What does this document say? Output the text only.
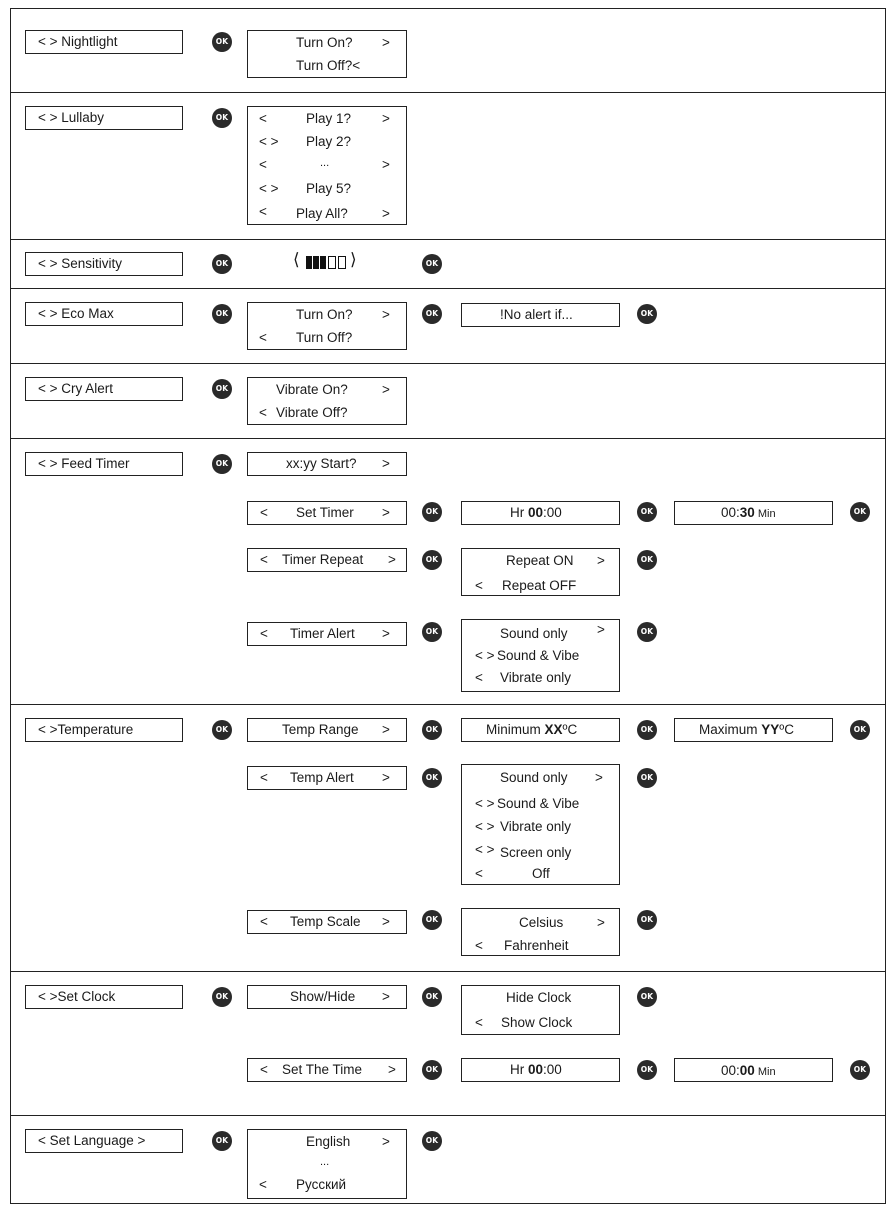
< > Nightlight	OK	Turn On? >
Turn Off?<
< > Lullaby	OK <	Play 1? >
< > Play 2?
<	...	>
< > Play 5?
< Play All?	>
< > Sensitivity	OK	⟨	⟩	OK
< > Eco Max	OK	Turn On? >
< Turn Off?
OK	!No alert if...	OK
< > Cry Alert	OK	Vibrate On?	>
< Vibrate Off?
< > Feed Timer	OK	xx:yy Start? >
< Set Timer >	OK	Hr 00:00	OK	00:30 Min	OK
< Timer Repeat >	OK	Repeat ON >
< Repeat OFF
OK
< Timer Alert >	OK	Sound only >
< > Sound & Vibe
< Vibrate only
OK
< >Temperature	OK	Temp Range >	OK	Minimum XXºC	OK	Maximum YYºC	OK
< Temp Alert >	OK	Sound only >
< > Sound & Vibe
< > Vibrate only
< > Screen only
<	Off
OK
< Temp Scale >	OK	Celsius >
< Fahrenheit
OK
< >Set Clock	OK	Show/Hide >	OK	Hide Clock
< Show Clock
OK
< Set The Time >	OK	Hr 00:00	OK	00:00 Min	OK
< Set Language >	OK	English >
...
< Русский
OK
